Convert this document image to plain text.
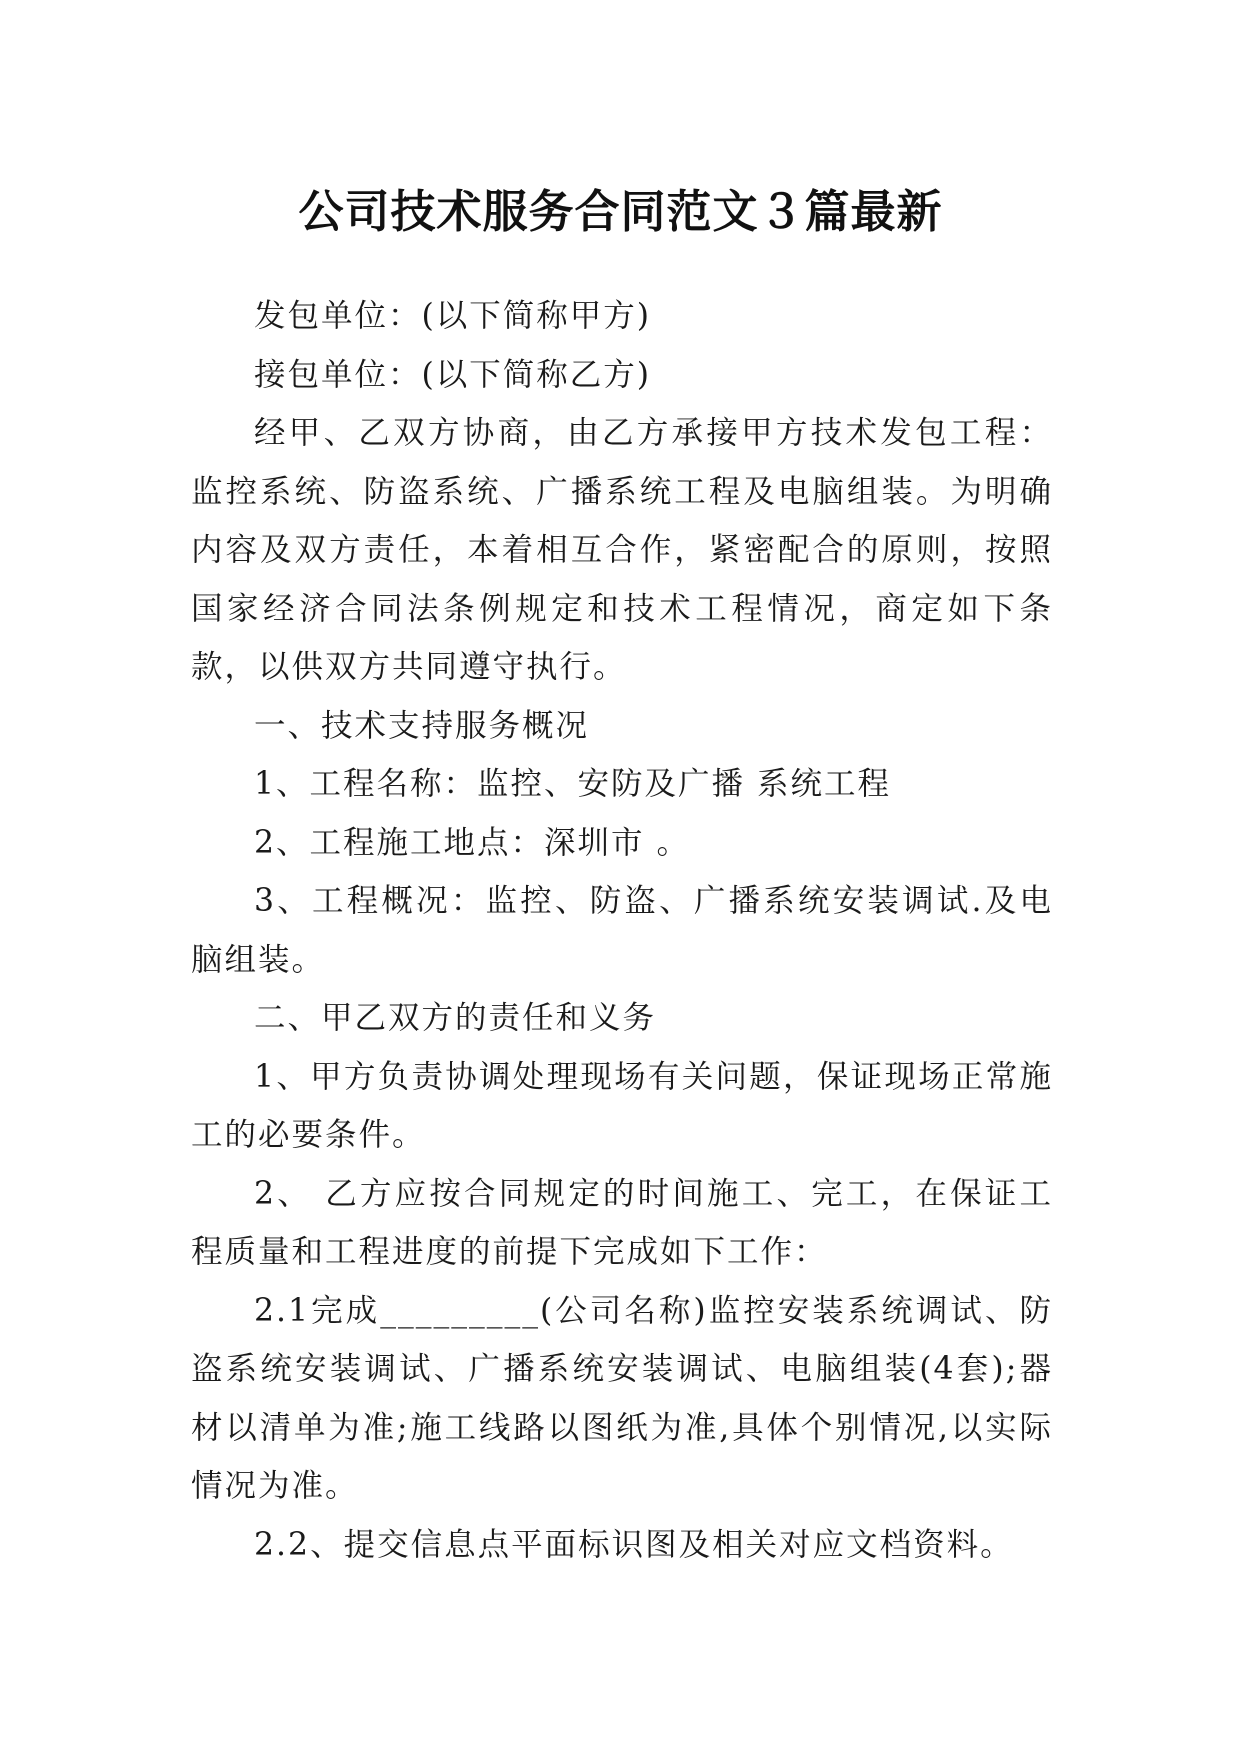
公司技术服务合同范文３篇最新

发包单位：(以下简称甲方)

接包单位：(以下简称乙方)

经甲、乙双方协商，由乙方承接甲方技术发包工程：监控系统、防盗系统、广播系统工程及电脑组装。为明确内容及双方责任，本着相互合作，紧密配合的原则，按照国家经济合同法条例规定和技术工程情况，商定如下条款，以供双方共同遵守执行。

一、技术支持服务概况

1、工程名称：监控、安防及广播 系统工程

2、工程施工地点：深圳市 。

3、工程概况：监控、防盗、广播系统安装调试.及电脑组装。

二、甲乙双方的责任和义务

1、甲方负责协调处理现场有关问题，保证现场正常施工的必要条件。

2、 乙方应按合同规定的时间施工、完工，在保证工程质量和工程进度的前提下完成如下工作：

2.1完成_________(公司名称)监控安装系统调试、防盗系统安装调试、广播系统安装调试、电脑组装(4套);器材以清单为准;施工线路以图纸为准,具体个别情况,以实际情况为准。

2.2、提交信息点平面标识图及相关对应文档资料。
